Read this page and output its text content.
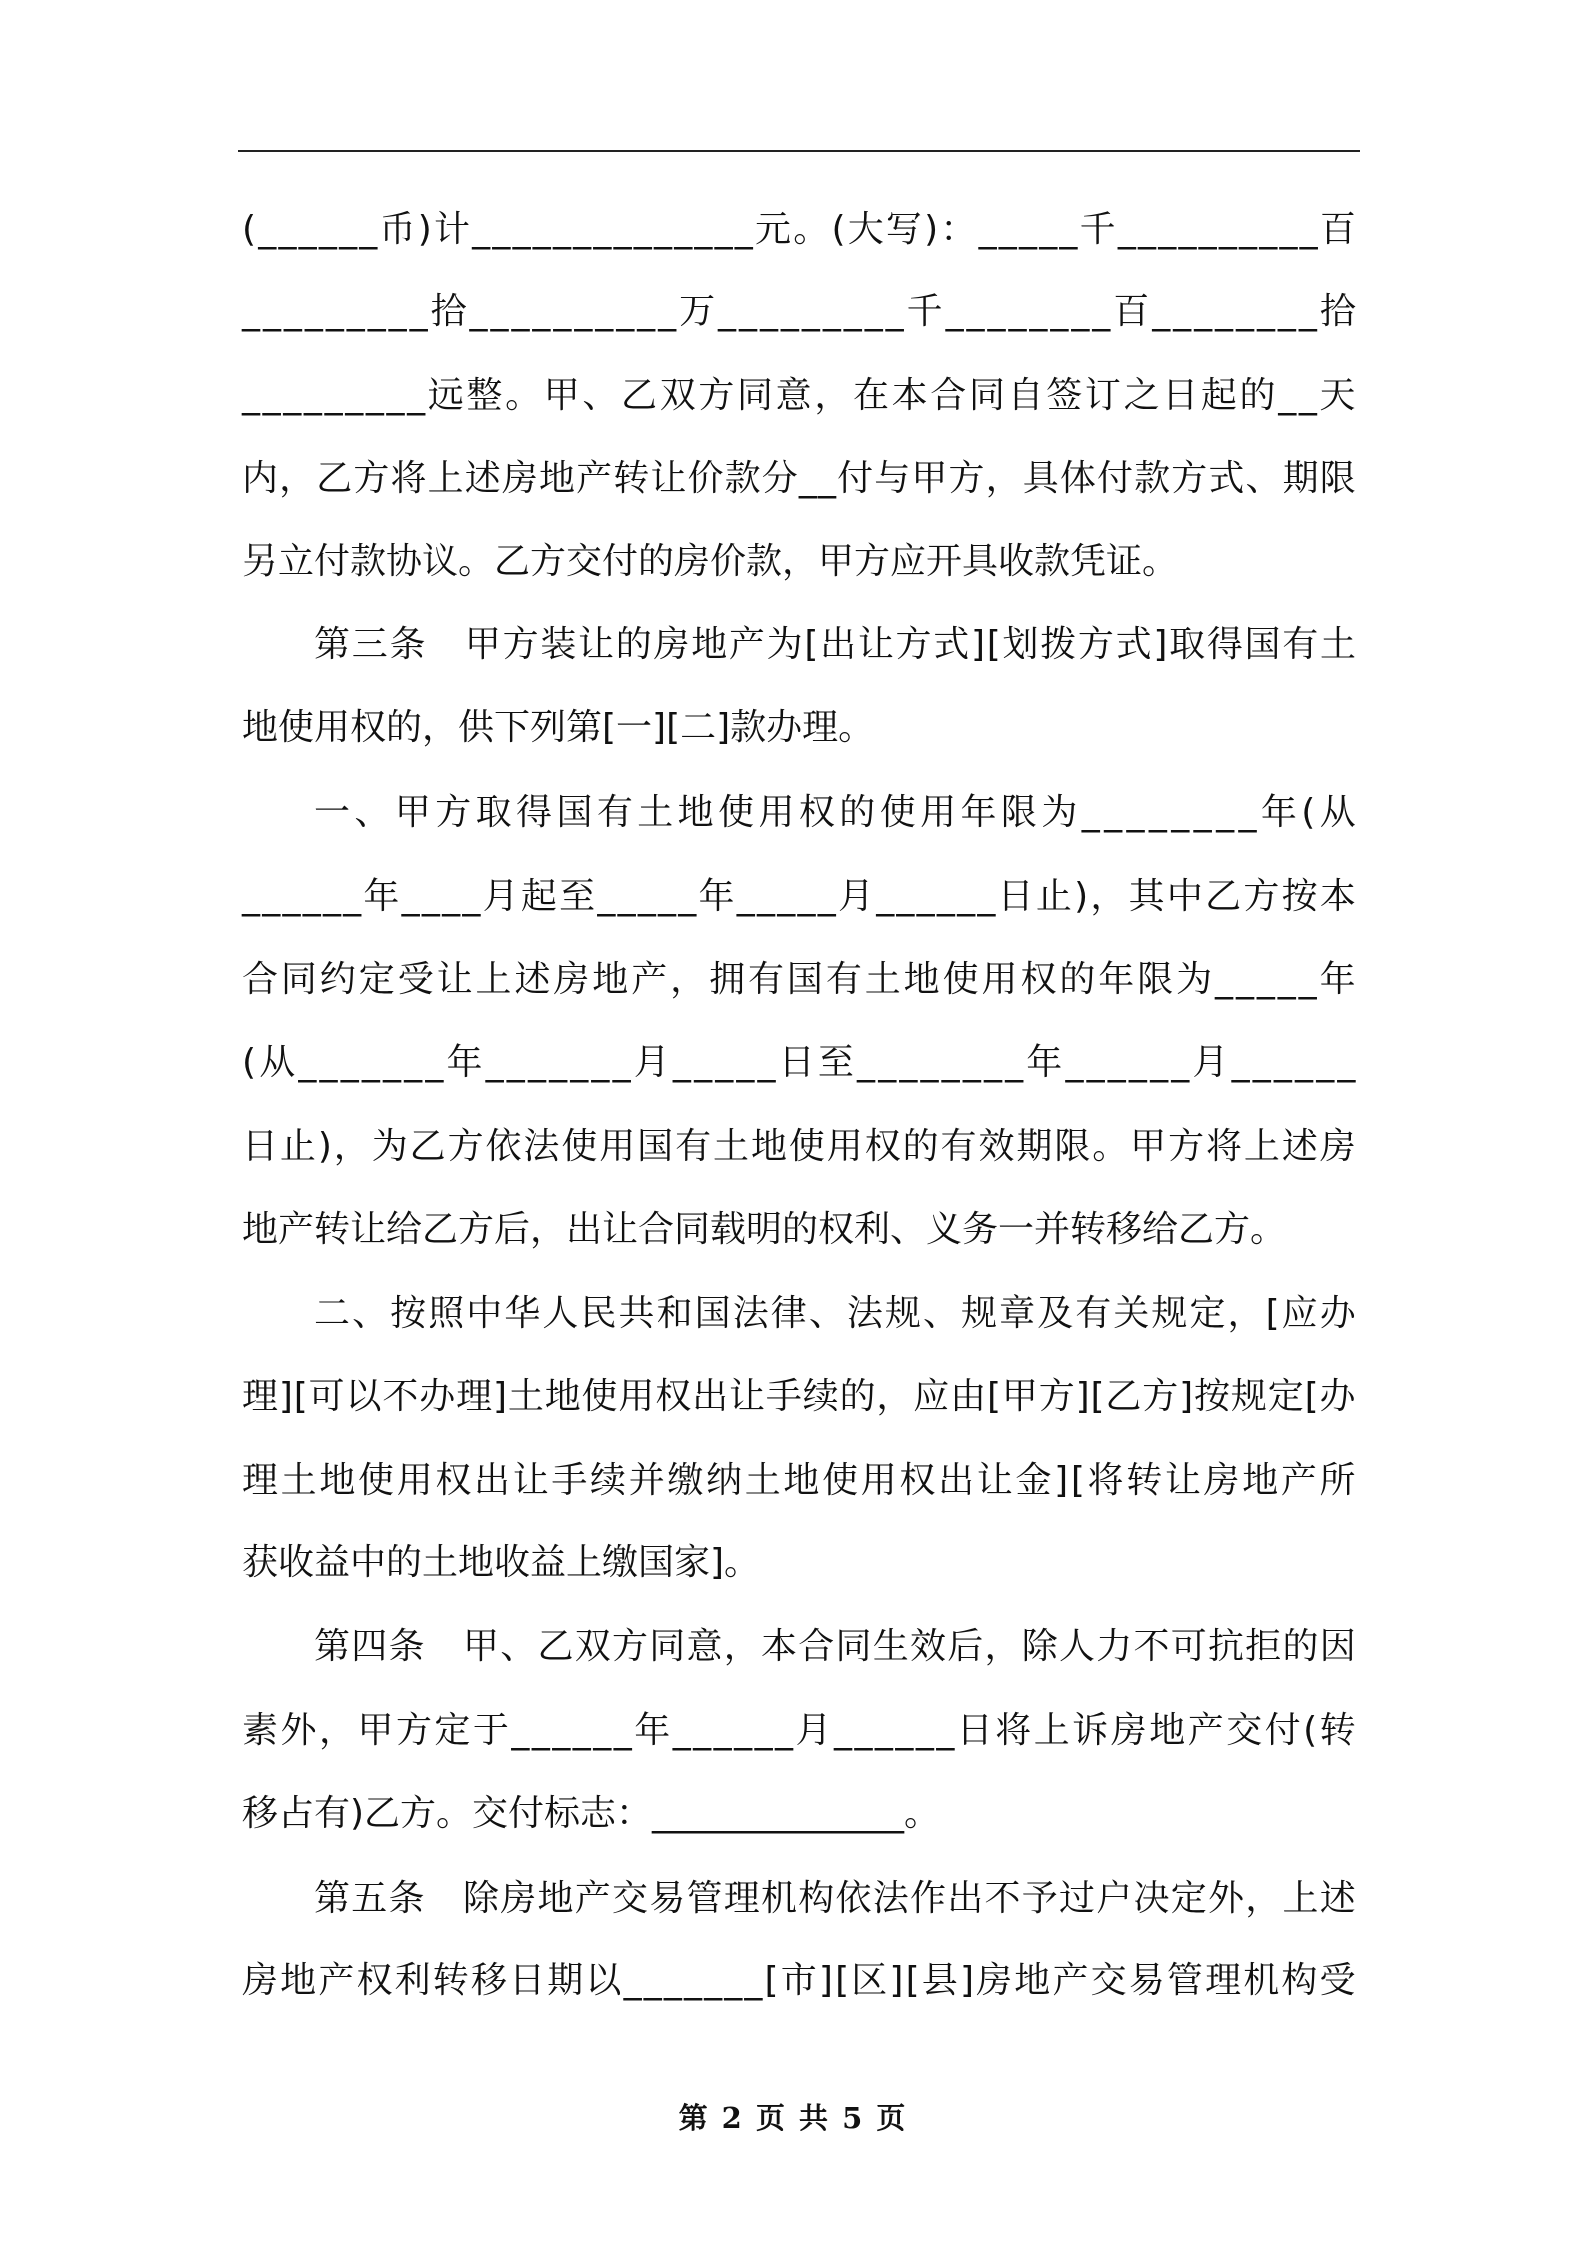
( _ _ _ _ _ _ 币 ) 计 _ _ _ _ _ _ _ _ _ _ _ _ _ _ 元 。 ( 大 写 ) ： _ _ _ _ _ 千 _ _ _ _ _ _ _ _ _ _ 百
_ _ _ _ _ _ _ _ _ 拾 _ _ _ _ _ _ _ _ _ _ 万 _ _ _ _ _ _ _ _ _ 千 _ _ _ _ _ _ _ _ 百 _ _ _ _ _ _ _ _ 拾
_ _ _ _ _ _ _ _ _ 远 整 。 甲 、 乙 双 方 同 意 ， 在 本 合 同 自 签 订 之 日 起 的 _ _ 天
内 ， 乙 方 将 上 述 房 地 产 转 让 价 款 分 _ _ 付 与 甲 方 ， 具 体 付 款 方 式 、 期 限
另立付款协议。乙方交付的房价款，甲方应开具收款凭证。
第 三 条
　 甲 方 装 让 的 房 地 产 为 [ 出 让 方 式 ] [ 划 拨 方 式 ] 取 得 国 有 土
地使用权的，供下列第[一][二]款办理。
一 、 甲 方 取 得 国 有 土 地 使 用 权 的 使 用 年 限 为 _ _ _ _ _ _ _ _ 年 ( 从
_ _ _ _ _ _ 年 _ _ _ _ 月 起 至 _ _ _ _ _ 年 _ _ _ _ _ 月 _ _ _ _ _ _ 日 止 ) ， 其 中 乙 方 按 本
合 同 约 定 受 让 上 述 房 地 产 ， 拥 有 国 有 土 地 使 用 权 的 年 限 为 _ _ _ _ _ 年
( 从 _ _ _ _ _ _ _ 年 _ _ _ _ _ _ _ 月 _ _ _ _ _ 日 至 _ _ _ _ _ _ _ _ 年 _ _ _ _ _ _ 月 _ _ _ _ _ _
日 止 ) ， 为 乙 方 依 法 使 用 国 有 土 地 使 用 权 的 有 效 期 限 。 甲 方 将 上 述 房
地产转让给乙方后，出让合同载明的权利、义务一并转移给乙方。
二 、 按 照 中 华 人 民 共 和 国 法 律 、 法 规 、 规 章 及 有 关 规 定 ， [ 应 办
理 ] [ 可 以 不 办 理 ] 土 地 使 用 权 出 让 手 续 的 ， 应 由 [ 甲 方 ] [ 乙 方 ] 按 规 定 [ 办
理 土 地 使 用 权 出 让 手 续 并 缴 纳 土 地 使 用 权 出 让 金 ] [ 将 转 让 房 地 产 所
获收益中的土地收益上缴国家]。
第 四 条
　 甲 、 乙 双 方 同 意 ， 本 合 同 生 效 后 ， 除 人 力 不 可 抗 拒 的 因
素 外 ， 甲 方 定 于 _ _ _ _ _ _ 年 _ _ _ _ _ _ 月 _ _ _ _ _ _ 日 将 上 诉 房 地 产 交 付 ( 转
移占有)乙方。交付标志：______________。
第 五 条
　 除 房 地 产 交 易 管 理 机 构 依 法 作 出 不 予 过 户 决 定 外 ， 上 述
房 地 产 权 利 转 移 日 期 以 _ _ _ _ _ _ _ [ 市 ] [ 区 ] [ 县 ] 房 地 产 交 易 管 理 机 构 受
第 2 页 共 5 页
